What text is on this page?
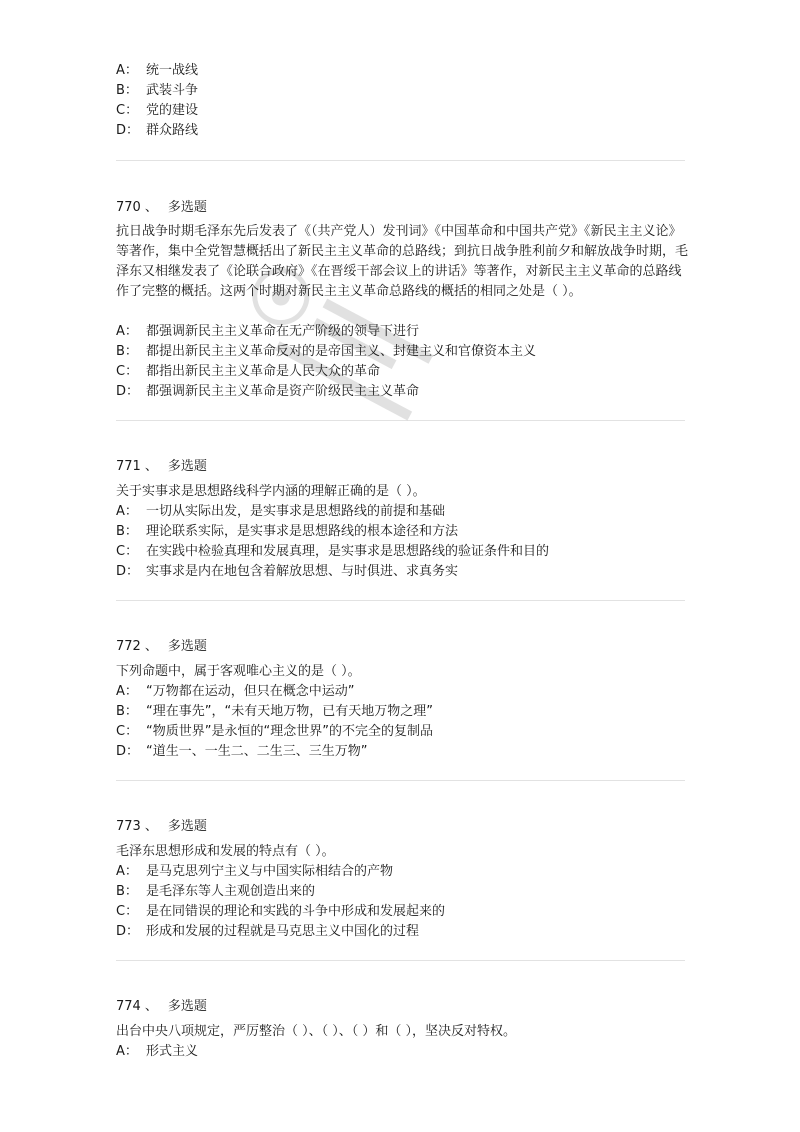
A： 统一战线
B： 武装斗争
C： 党的建设
D： 群众路线
770 、 多选题
抗日战争时期毛泽东先后发表了《（共产党人）发刊词》《中国革命和中国共产党》《新民主主义论》等著作，集中全党智慧概括出了新民主主义革命的总路线；到抗日战争胜利前夕和解放战争时期，毛泽东又相继发表了《论联合政府》《在晋绥干部会议上的讲话》等著作，对新民主主义革命的总路线作了完整的概括。这两个时期对新民主主义革命总路线的概括的相同之处是（ ）。
A： 都强调新民主主义革命在无产阶级的领导下进行
B： 都提出新民主主义革命反对的是帝国主义、封建主义和官僚资本主义
C： 都指出新民主主义革命是人民大众的革命
D： 都强调新民主主义革命是资产阶级民主主义革命
771 、 多选题
关于实事求是思想路线科学内涵的理解正确的是（ ）。
A： 一切从实际出发，是实事求是思想路线的前提和基础
B： 理论联系实际，是实事求是思想路线的根本途径和方法
C： 在实践中检验真理和发展真理，是实事求是思想路线的验证条件和目的
D： 实事求是内在地包含着解放思想、与时俱进、求真务实
772 、 多选题
下列命题中，属于客观唯心主义的是（ ）。
A： “万物都在运动，但只在概念中运动”
B： “理在事先”，“未有天地万物，已有天地万物之理”
C： “物质世界”是永恒的“理念世界”的不完全的复制品
D： “道生一、一生二、二生三、三生万物”
773 、 多选题
毛泽东思想形成和发展的特点有（ ）。
A： 是马克思列宁主义与中国实际相结合的产物
B： 是毛泽东等人主观创造出来的
C： 是在同错误的理论和实践的斗争中形成和发展起来的
D： 形成和发展的过程就是马克思主义中国化的过程
774 、 多选题
出台中央八项规定，严厉整治（ ）、（ ）、（ ）和（ ），坚决反对特权。
A： 形式主义
